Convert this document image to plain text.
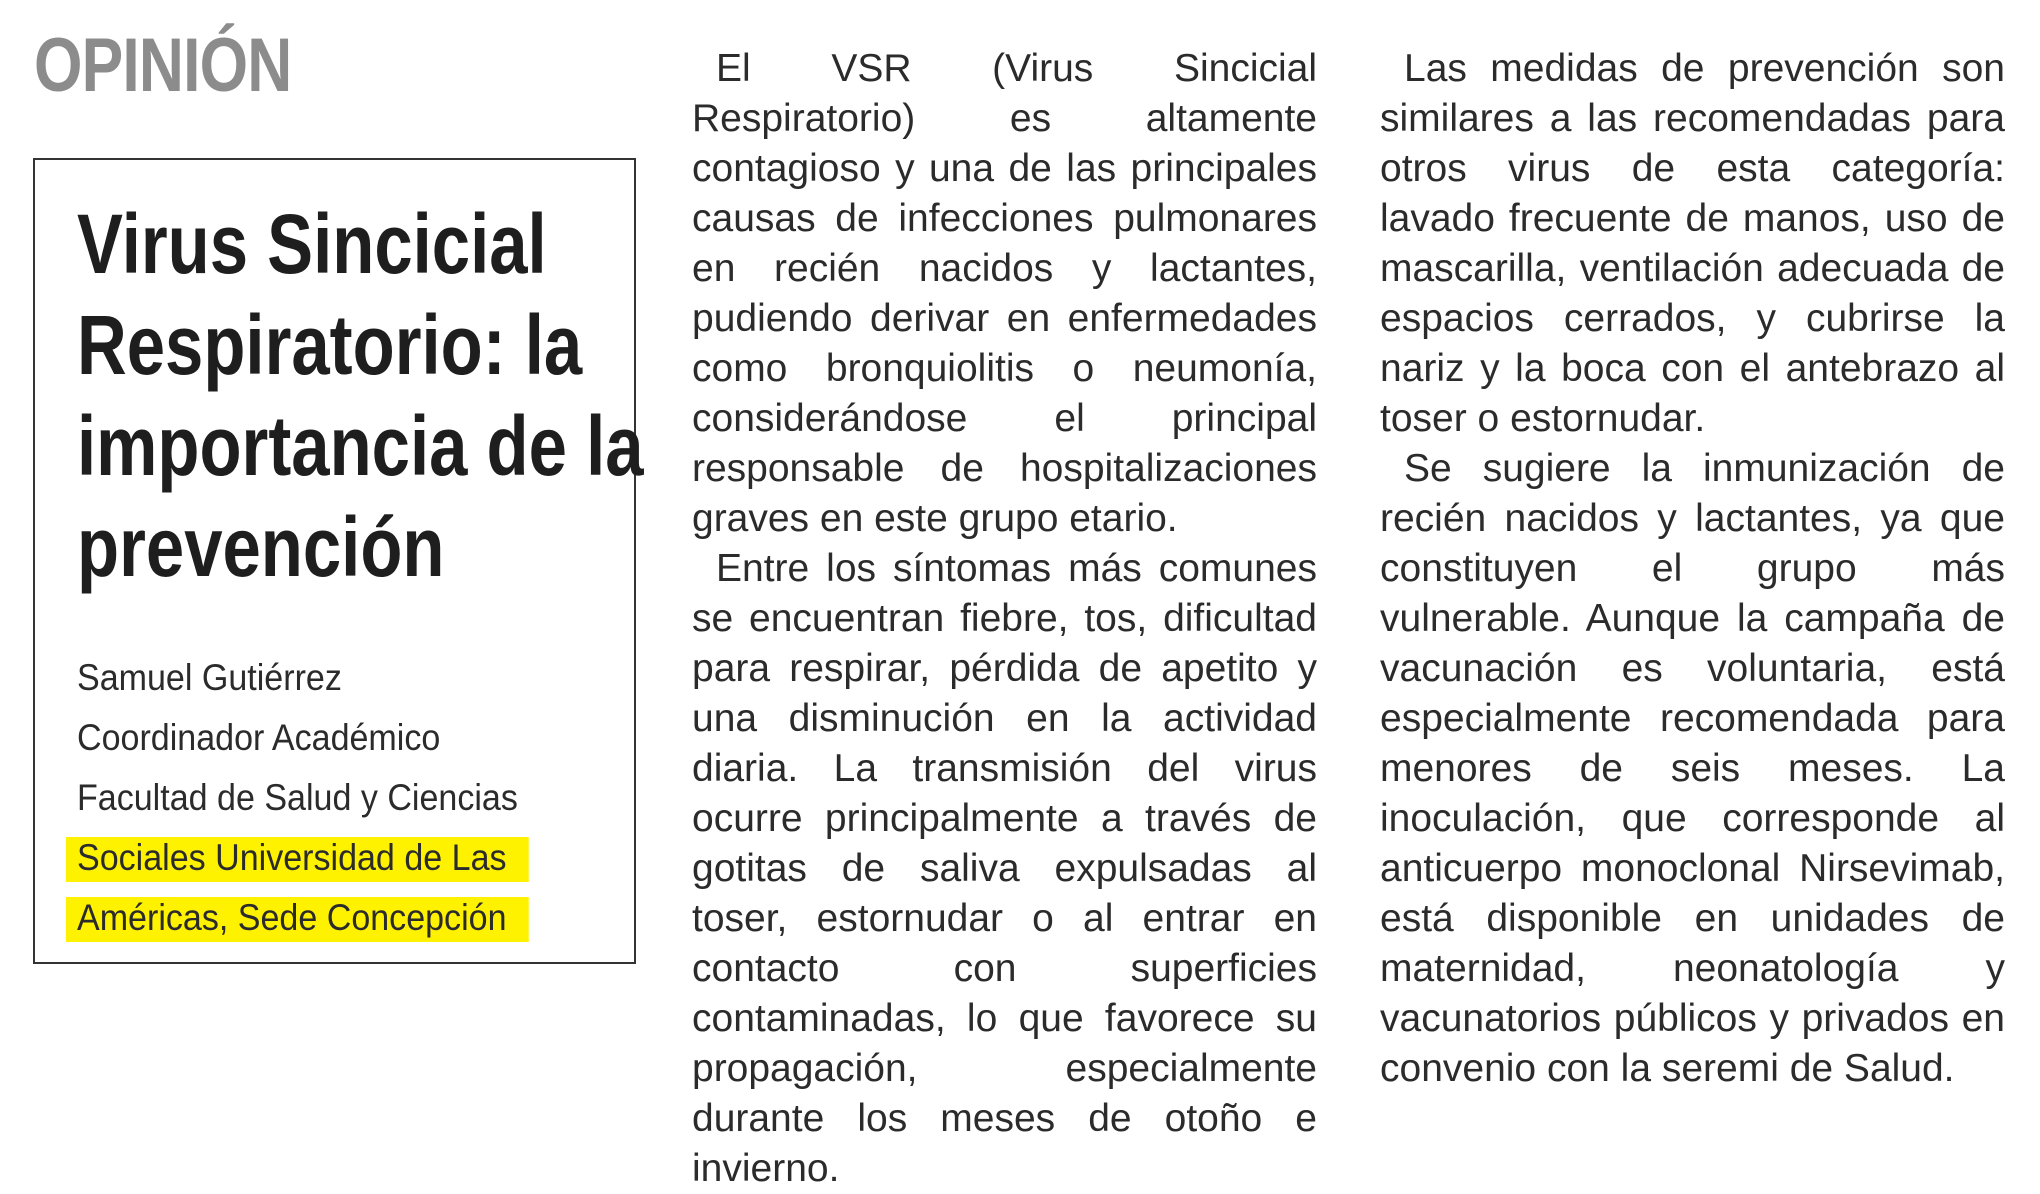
OPINIÓN
Virus Sincicial Respiratorio: la importancia de la prevención
Samuel Gutiérrez
Coordinador Académico
Facultad de Salud y Ciencias
Sociales Universidad de Las
Américas, Sede Concepción

El VSR (Virus Sincicial Respiratorio) es altamente contagioso y una de las principales causas de infecciones pulmonares en recién nacidos y lactantes, pudiendo derivar en enfermedades como bronquiolitis o neumonía, considerándose el principal responsable de hospitalizaciones graves en este grupo etario.

Entre los síntomas más comunes se encuentran fiebre, tos, dificultad para respirar, pérdida de apetito y una disminución en la actividad diaria. La transmisión del virus ocurre principalmente a través de gotitas de saliva expulsadas al toser, estornudar o al entrar en contacto con superficies contaminadas, lo que favorece su propagación, especialmente durante los meses de otoño e invierno.

Las medidas de prevención son similares a las recomendadas para otros virus de esta categoría: lavado frecuente de manos, uso de mascarilla, ventilación adecuada de espacios cerrados, y cubrirse la nariz y la boca con el antebrazo al toser o estornudar.

Se sugiere la inmunización de recién nacidos y lactantes, ya que constituyen el grupo más vulnerable. Aunque la campaña de vacunación es voluntaria, está especialmente recomendada para menores de seis meses. La inoculación, que corresponde al anticuerpo monoclonal Nirsevimab, está disponible en unidades de maternidad, neonatología y vacunatorios públicos y privados en convenio con la seremi de Salud.
